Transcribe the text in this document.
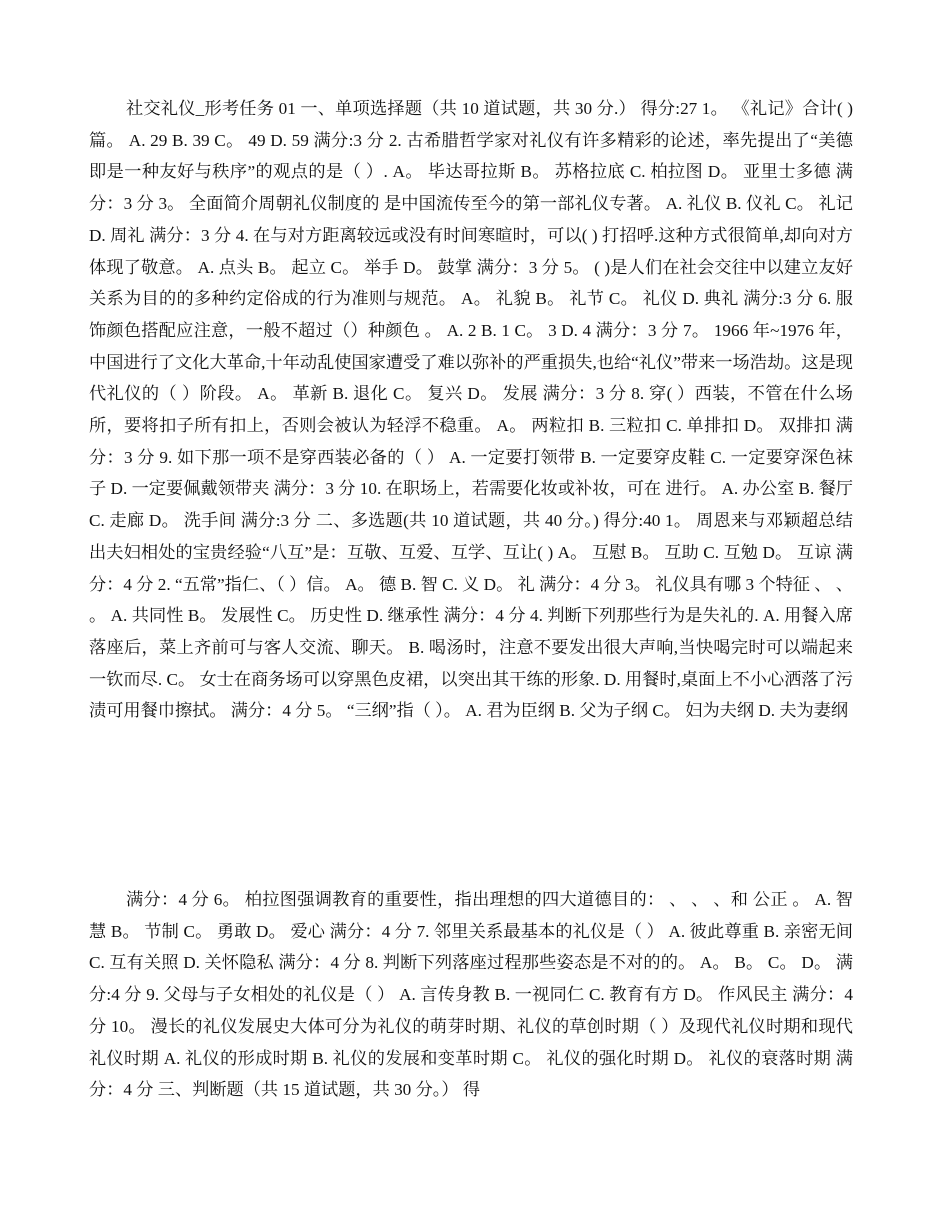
社交礼仪_形考任务 01 一、单项选择题（共 10 道试题，共 30 分.） 得分:27 1。 《礼记》合计( )篇。 A. 29 B. 39 C。 49 D. 59 满分:3 分 2. 古希腊哲学家对礼仪有许多精彩的论述，率先提出了“美德即是一种友好与秩序”的观点的是（ ）. A。 毕达哥拉斯 B。 苏格拉底 C. 柏拉图 D。 亚里士多德 满分：3 分 3。 全面简介周朝礼仪制度的 是中国流传至今的第一部礼仪专著。 A. 礼仪 B. 仪礼 C。 礼记 D. 周礼 满分：3 分 4. 在与对方距离较远或没有时间寒暄时，可以( ) 打招呼.这种方式很简单,却向对方体现了敬意。 A. 点头 B。 起立 C。 举手 D。 鼓掌 满分：3 分 5。 ( )是人们在社会交往中以建立友好关系为目的的多种约定俗成的行为准则与规范。 A。 礼貌 B。 礼节 C。 礼仪 D. 典礼 满分:3 分 6. 服饰颜色搭配应注意，一般不超过（）种颜色 。 A. 2 B. 1 C。 3 D. 4 满分：3 分 7。 1966 年~1976 年，中国进行了文化大革命,十年动乱使国家遭受了难以弥补的严重损失,也给“礼仪”带来一场浩劫。这是现代礼仪的（ ）阶段。 A。 革新 B. 退化 C。 复兴 D。 发展 满分：3 分 8. 穿( ）西装，不管在什么场所，要将扣子所有扣上，否则会被认为轻浮不稳重。 A。 两粒扣 B. 三粒扣 C. 单排扣 D。 双排扣 满分：3 分 9. 如下那一项不是穿西装必备的（ ） A. 一定要打领带 B. 一定要穿皮鞋 C. 一定要穿深色袜子 D. 一定要佩戴领带夹 满分：3 分 10. 在职场上，若需要化妆或补妆，可在 进行。 A. 办公室 B. 餐厅 C. 走廊 D。 洗手间 满分:3 分 二、多选题(共 10 道试题，共 40 分。) 得分:40 1。 周恩来与邓颖超总结出夫妇相处的宝贵经验“八互”是：互敬、互爱、互学、互让( ) A。 互慰 B。 互助 C. 互勉 D。 互谅 满分：4 分 2. “五常”指仁、（ ）信。 A。 德 B. 智 C. 义 D。 礼 满分：4 分 3。 礼仪具有哪 3 个特征 、 、 。 A. 共同性 B。 发展性 C。 历史性 D. 继承性 满分：4 分 4. 判断下列那些行为是失礼的. A. 用餐入席落座后，菜上齐前可与客人交流、聊天。 B. 喝汤时，注意不要发出很大声响,当快喝完时可以端起来一钦而尽. C。 女士在商务场可以穿黑色皮裙，以突出其干练的形象. D. 用餐时,桌面上不小心洒落了污渍可用餐巾擦拭。 满分：4 分 5。 “三纲”指（ ）。 A. 君为臣纲 B. 父为子纲 C。 妇为夫纲 D. 夫为妻纲

满分：4 分 6。 柏拉图强调教育的重要性，指出理想的四大道德目的： 、 、 、和 公正 。 A. 智慧 B。 节制 C。 勇敢 D。 爱心 满分：4 分 7. 邻里关系最基本的礼仪是（ ） A. 彼此尊重 B. 亲密无间 C. 互有关照 D. 关怀隐私 满分：4 分 8. 判断下列落座过程那些姿态是不对的的。 A。 B。 C。 D。 满分:4 分 9. 父母与子女相处的礼仪是（ ） A. 言传身教 B. 一视同仁 C. 教育有方 D。 作风民主 满分：4 分 10。 漫长的礼仪发展史大体可分为礼仪的萌芽时期、礼仪的草创时期（ ）及现代礼仪时期和现代礼仪时期 A. 礼仪的形成时期 B. 礼仪的发展和变革时期 C。 礼仪的强化时期 D。 礼仪的衰落时期 满分：4 分 三、判断题（共 15 道试题，共 30 分。） 得
